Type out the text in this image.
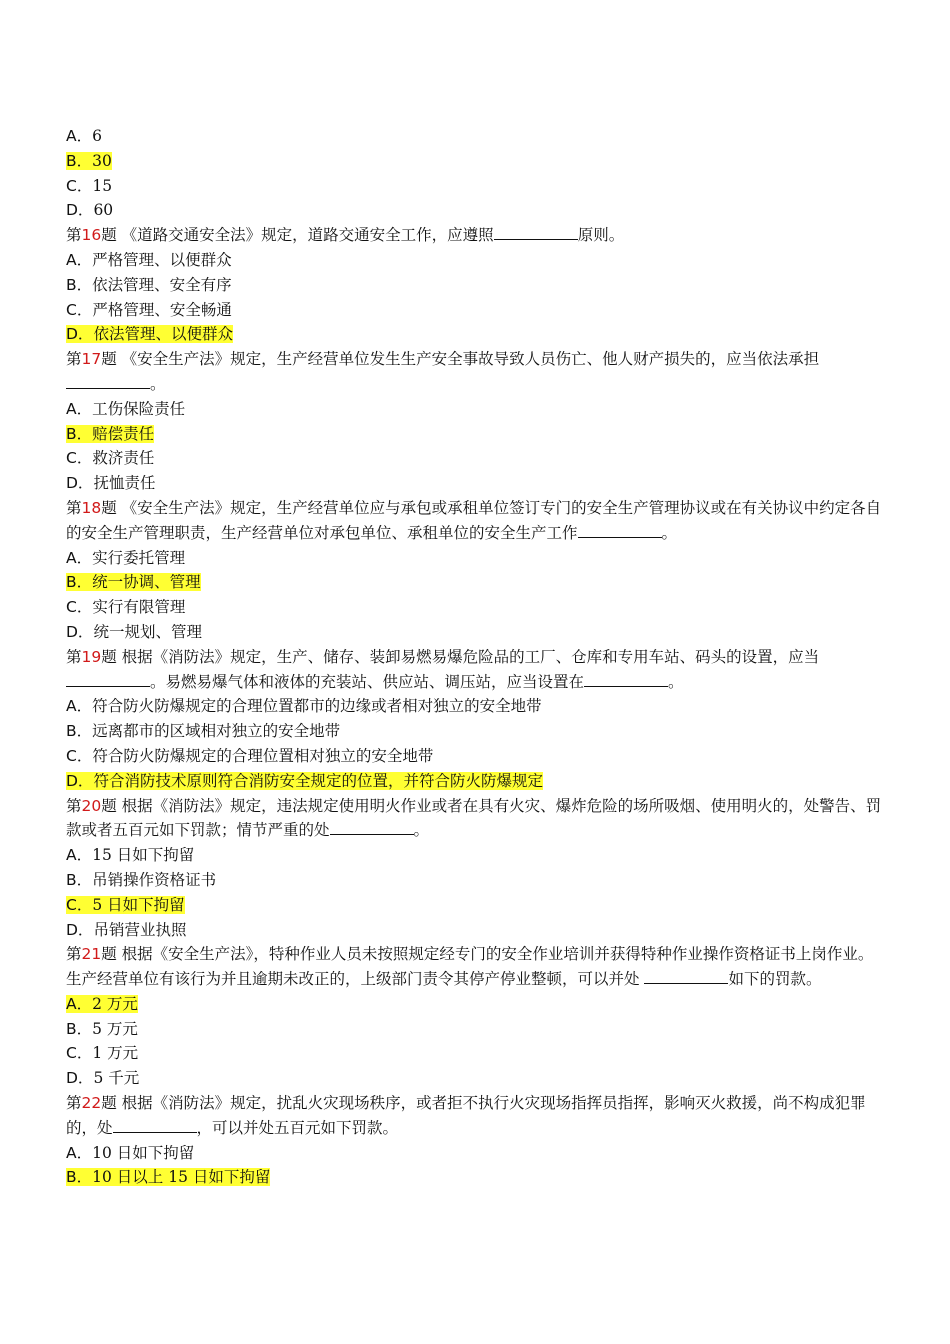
A．6
B．30
C．15
D．60
第16题 《道路交通安全法》规定，道路交通安全工作，应遵照	原则。
A．严格管理、以便群众
B．依法管理、安全有序
C．严格管理、安全畅通
D．依法管理、以便群众
第17题 《安全生产法》规定，生产经营单位发生生产安全事故导致人员伤亡、他人财产损失的，应当依法承担。
A．工伤保险责任
B．赔偿责任
C．救济责任
D．抚恤责任
第18题 《安全生产法》规定，生产经营单位应与承包或承租单位签订专门的安全生产管理协议或在有关协议中约定各自的安全生产管理职责，生产经营单位对承包单位、承租单位的安全生产工作	。
A．实行委托管理
B．统一协调、管理
C．实行有限管理
D．统一规划、管理
第19题 根据《消防法》规定，生产、储存、装卸易燃易爆危险品的工厂、仓库和专用车站、码头的设置，应当。易燃易爆气体和液体的充装站、供应站、调压站，应当设置在	。
A．符合防火防爆规定的合理位置都市的边缘或者相对独立的安全地带
B．远离都市的区域相对独立的安全地带
C．符合防火防爆规定的合理位置相对独立的安全地带
D．符合消防技术原则符合消防安全规定的位置，并符合防火防爆规定
第20题 根据《消防法》规定，违法规定使用明火作业或者在具有火灾、爆炸危险的场所吸烟、使用明火的，处警告、罚款或者五百元如下罚款；情节严重的处	。
A．15 日如下拘留
B．吊销操作资格证书
C．5 日如下拘留
D．吊销营业执照
第21题 根据《安全生产法》，特种作业人员未按照规定经专门的安全作业培训并获得特种作业操作资格证书上岗作业。生产经营单位有该行为并且逾期未改正的，上级部门责令其停产停业整顿，可以并处	如下的罚款。
A．2 万元
B．5 万元
C．1 万元
D．5 千元
第22题 根据《消防法》规定，扰乱火灾现场秩序，或者拒不执行火灾现场指挥员指挥，影响灭火救援，尚不构成犯罪的，处	，可以并处五百元如下罚款。
A．10 日如下拘留
B．10 日以上 15 日如下拘留
